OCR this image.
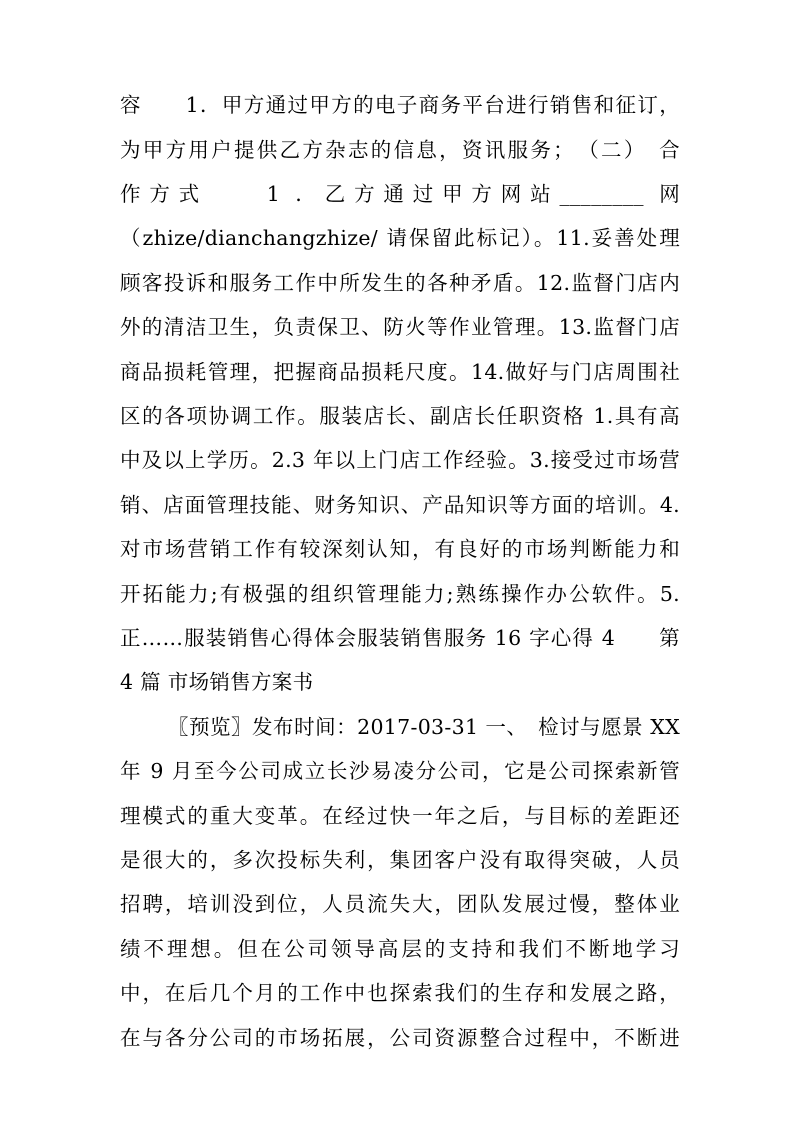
容　　1．甲方通过甲方的电子商务平台进行销售和征订，
为甲方用户提供乙方杂志的信息，资讯服务；　（二）　合
作方式　　1 ．乙方通过甲方网站________ 网
（zhize/dianchangzhize/ 请保留此标记）。11.妥善处理
顾客投诉和服务工作中所发生的各种矛盾。12.监督门店内
外的清洁卫生，负责保卫、防火等作业管理。13.监督门店
商品损耗管理，把握商品损耗尺度。14.做好与门店周围社
区的各项协调工作。服装店长、副店长任职资格 1.具有高
中及以上学历。2.3 年以上门店工作经验。3.接受过市场营
销、店面管理技能、财务知识、产品知识等方面的培训。4.
对市场营销工作有较深刻认知，有良好的市场判断能力和
开拓能力;有极强的组织管理能力;熟练操作办公软件。5.
正……服装销售心得体会服装销售服务 16 字心得 4　　第
4 篇 市场销售方案书
〖预览〗发布时间：2017-03-31 一、　检讨与愿景 XX
年 9 月至今公司成立长沙易凌分公司，它是公司探索新管
理模式的重大变革。在经过快一年之后，与目标的差距还
是很大的，多次投标失利，集团客户没有取得突破，人员
招聘，培训没到位，人员流失大，团队发展过慢，整体业
绩不理想。但在公司领导高层的支持和我们不断地学习
中，在后几个月的工作中也探索我们的生存和发展之路，
在与各分公司的市场拓展，公司资源整合过程中，不断进
